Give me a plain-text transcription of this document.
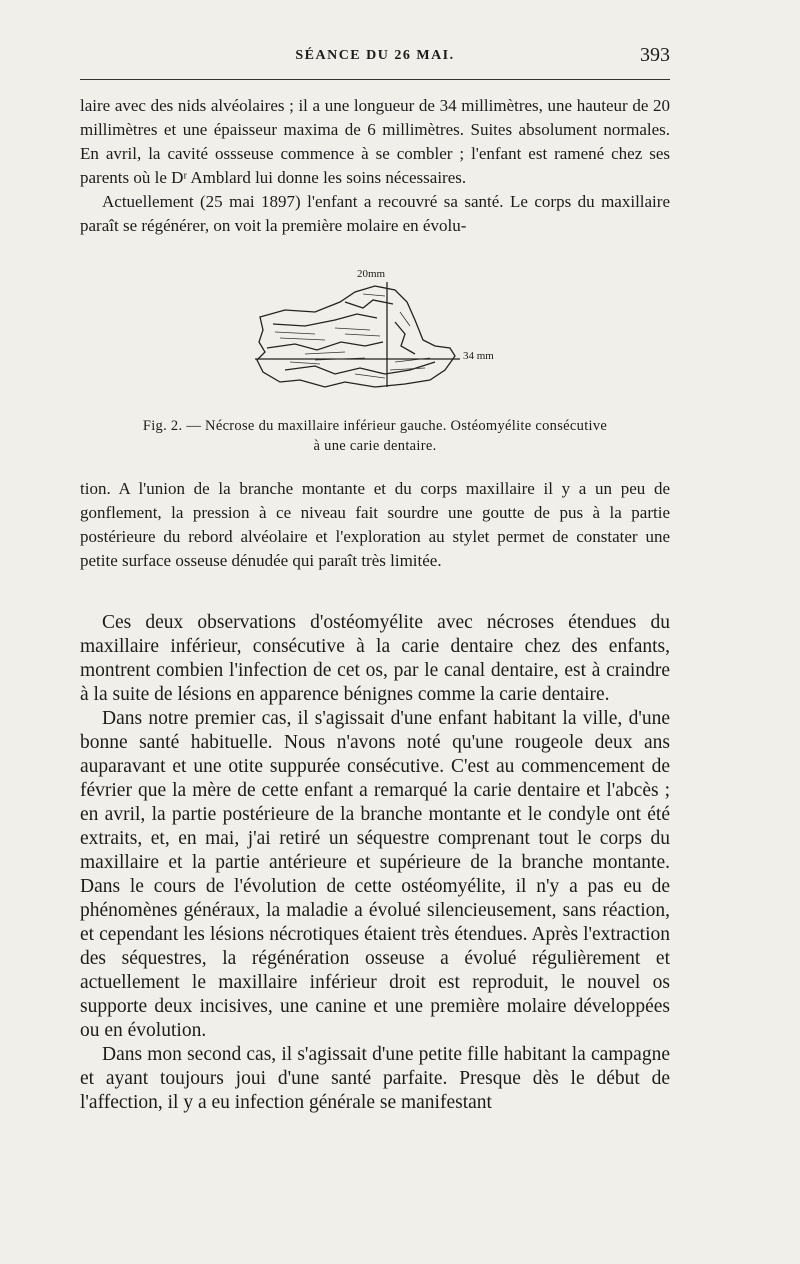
SÉANCE DU 26 MAI.	393

laire avec des nids alvéolaires ; il a une longueur de 34 millimètres, une hauteur de 20 millimètres et une épaisseur maxima de 6 millimètres. Suites absolument normales. En avril, la cavité ossseuse commence à se combler ; l'enfant est ramené chez ses parents où le Dʳ Amblard lui donne les soins nécessaires.

Actuellement (25 mai 1897) l'enfant a recouvré sa santé. Le corps du maxillaire paraît se régénérer, on voit la première molaire en évolu-

20mm
34 mm

Fig. 2. — Nécrose du maxillaire inférieur gauche. Ostéomyélite consécutive

à une carie dentaire.

tion. A l'union de la branche montante et du corps maxillaire il y a un peu de gonflement, la pression à ce niveau fait sourdre une goutte de pus à la partie postérieure du rebord alvéolaire et l'exploration au stylet permet de constater une petite surface osseuse dénudée qui paraît très limitée.

Ces deux observations d'ostéomyélite avec nécroses étendues du maxillaire inférieur, consécutive à la carie dentaire chez des enfants, montrent combien l'infection de cet os, par le canal dentaire, est à craindre à la suite de lésions en apparence bénignes comme la carie dentaire.

Dans notre premier cas, il s'agissait d'une enfant habitant la ville, d'une bonne santé habituelle. Nous n'avons noté qu'une rougeole deux ans auparavant et une otite suppurée consécutive. C'est au commencement de février que la mère de cette enfant a remarqué la carie dentaire et l'abcès ; en avril, la partie postérieure de la branche montante et le condyle ont été extraits, et, en mai, j'ai retiré un séquestre comprenant tout le corps du maxillaire et la partie antérieure et supérieure de la branche montante. Dans le cours de l'évolution de cette ostéomyélite, il n'y a pas eu de phénomènes généraux, la maladie a évolué silencieusement, sans réaction, et cependant les lésions nécrotiques étaient très étendues. Après l'extraction des séquestres, la régénération osseuse a évolué régulièrement et actuellement le maxillaire inférieur droit est reproduit, le nouvel os supporte deux incisives, une canine et une première molaire développées ou en évolution.

Dans mon second cas, il s'agissait d'une petite fille habitant la campagne et ayant toujours joui d'une santé parfaite. Presque dès le début de l'affection, il y a eu infection générale se manifestant
